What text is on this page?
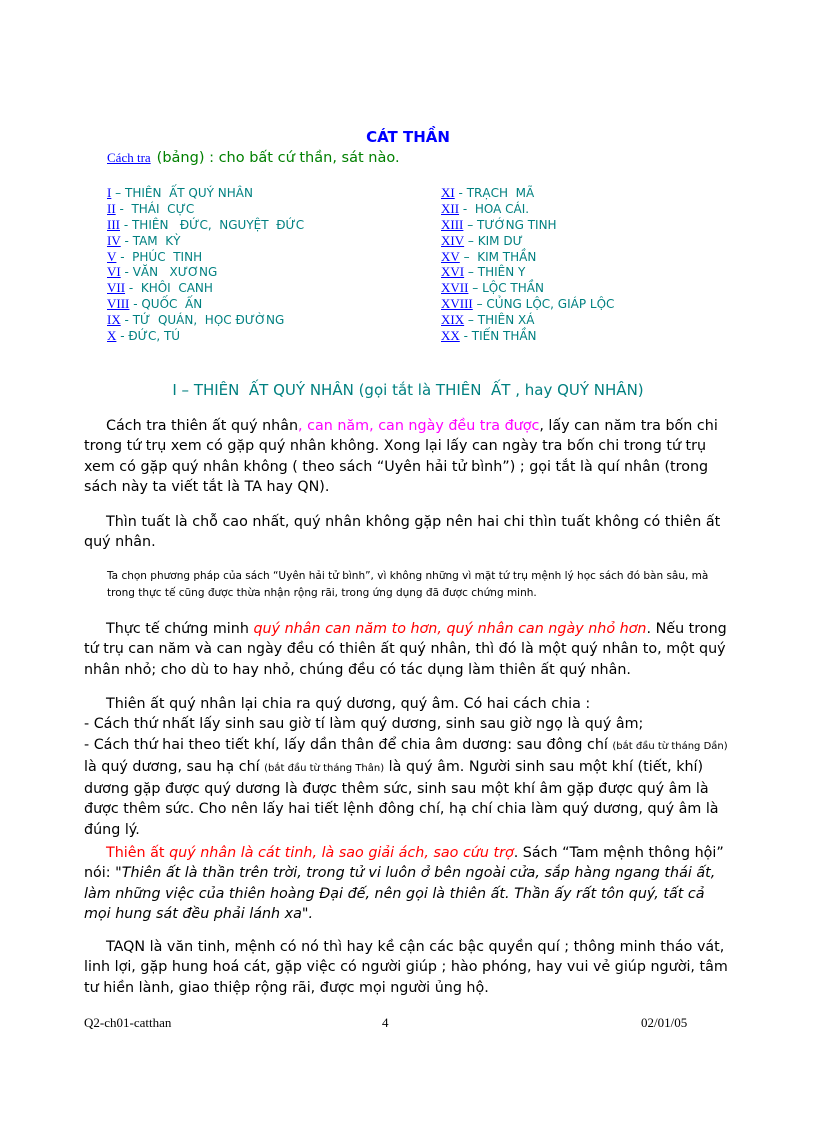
CÁT THẦN
Cách tra (bảng) : cho bất cứ thần, sát nào.
I – THIÊN  ẤT QUÝ NHÂN
II -  THÁI  CỰC
III - THIÊN   ĐỨC,  NGUYỆT  ĐỨC
IV - TAM  KỲ
V -  PHÚC  TINH
VI - VĂN   XƯƠNG
VII -  KHÔI  CANH
VIII - QUỐC  ẤN
IX - TỨ  QUÁN,  HỌC ĐƯỜNG
X - ĐỨC, TÚ
XI - TRẠCH  MÃ
XII -  HOA CÁI.
XIII – TƯỚNG TINH
XIV – KIM DƯ
XV –  KIM THẦN
XVI – THIÊN Y
XVII – LỘC THẦN
XVIII – CỦNG LỘC, GIÁP LỘC
XIX – THIÊN XÁ
XX - TIẾN THẦN
I – THIÊN  ẤT QUÝ NHÂN (gọi tắt là THIÊN  ẤT , hay QUÝ NHÂN)

Cách tra thiên ất quý nhân, can năm, can ngày đều tra được, lấy can năm tra bốn chi trong tứ trụ xem có gặp quý nhân không. Xong lại lấy can ngày tra bốn chi trong tứ trụ xem có gặp quý nhân không ( theo sách “Uyên hải tử bình”) ; gọi tắt là quí nhân (trong sách này ta viết tắt là TA hay QN).

Thìn tuất là chỗ cao nhất, quý nhân không gặp nên hai chi thìn tuất không có thiên ất quý nhân.

Ta chọn phương pháp của sách “Uyên hải tử bình”, vì không những vì mặt tứ trụ mệnh lý học sách đó bàn sâu, mà trong thực tế cũng được thừa nhận rộng rãi, trong ứng dụng đã được chứng minh.

Thực tế chứng minh quý nhân can năm to hơn, quý nhân can ngày nhỏ hơn. Nếu trong tứ trụ can năm và can ngày đều có thiên ất quý nhân, thì đó là một quý nhân to, một quý nhân nhỏ; cho dù to hay nhỏ, chúng đều có tác dụng làm thiên ất quý nhân.

Thiên ất quý nhân lại chia ra quý dương, quý âm. Có hai cách chia :
- Cách thứ nhất lấy sinh sau giờ tí làm quý dương, sinh sau giờ ngọ là quý âm;
- Cách thứ hai theo tiết khí, lấy dần thân để chia âm dương: sau đông chí (bắt đầu từ tháng Dần) là quý dương, sau hạ chí (bắt đầu từ tháng Thân) là quý âm. Người sinh sau một khí (tiết, khí) dương gặp được quý dương là được thêm sức, sinh sau một khí âm gặp được quý âm là được thêm sức. Cho nên lấy hai tiết lệnh đông chí, hạ chí chia làm quý dương, quý âm là đúng lý.

Thiên ất quý nhân là cát tinh, là sao giải ách, sao cứu trợ. Sách “Tam mệnh thông hội” nói: "Thiên ất là thần trên trời, trong tử vi luôn ở bên ngoài cửa, sắp hàng ngang thái ất, làm những việc của thiên hoàng Đại đế, nên gọi là thiên ất. Thần ấy rất tôn quý, tất cả mọi hung sát đều phải lánh xa".

TAQN là văn tinh, mệnh có nó thì hay kề cận các bậc quyền quí ; thông minh tháo vát, linh lợi, gặp hung hoá cát, gặp việc có người giúp ; hào phóng, hay vui vẻ giúp người, tâm tư hiền lành, giao thiệp rộng rãi, được mọi người ủng hộ.

Q2-ch01-catthan	4	02/01/05
